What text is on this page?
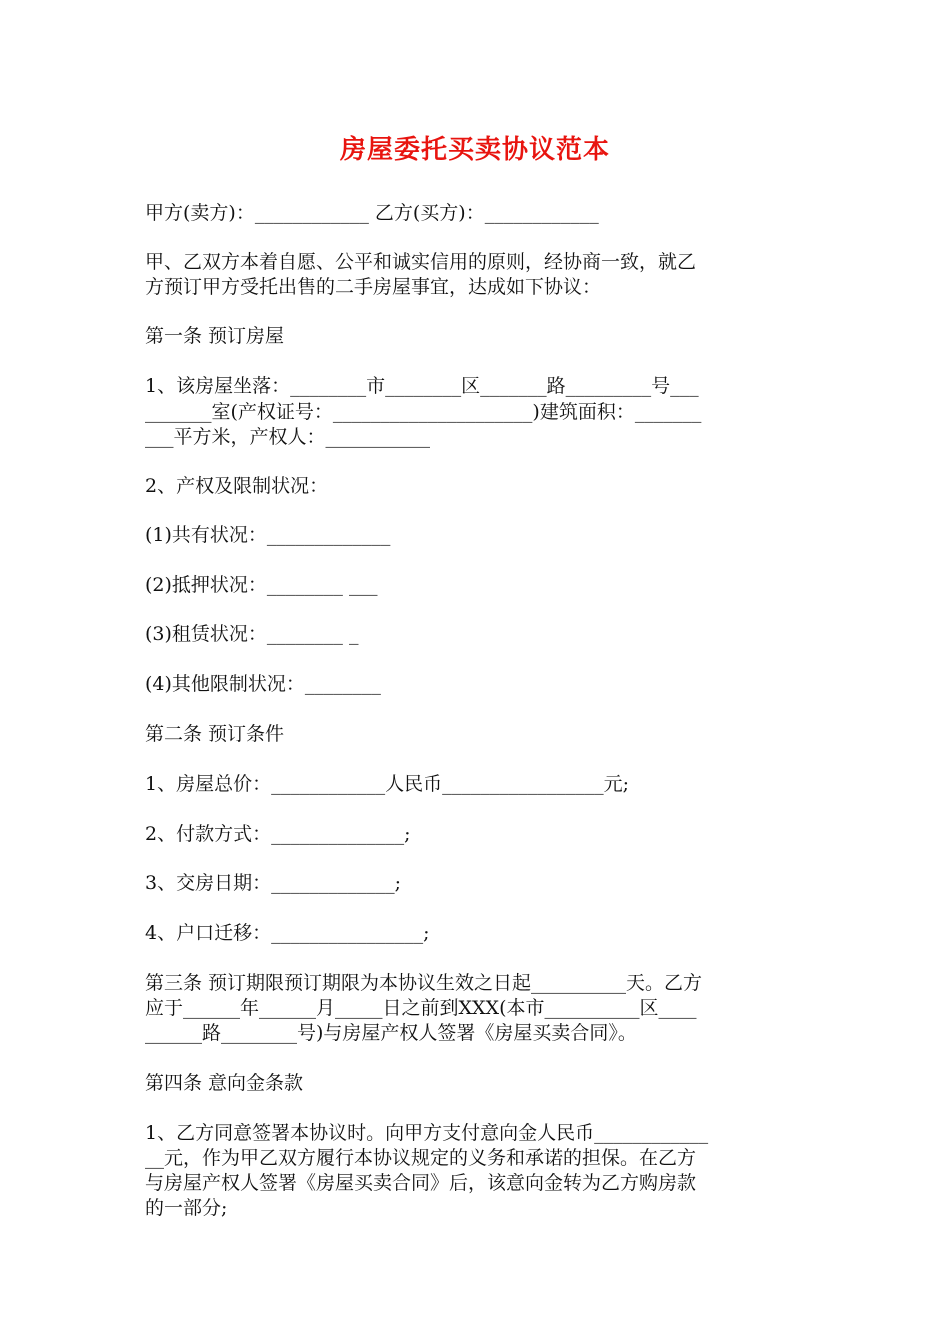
房屋委托买卖协议范本

甲方(卖方)：____________ 乙方(买方)：____________

甲、乙双方本着自愿、公平和诚实信用的原则，经协商一致，就乙

方预订甲方受托出售的二手房屋事宜，达成如下协议：

第一条 预订房屋

1、该房屋坐落：________市________区_______路_________号___

_______室(产权证号：_____________________)建筑面积：_______

___平方米，产权人：___________

2、产权及限制状况：

(1)共有状况：_____________

(2)抵押状况：________ ___

(3)租赁状况：________ _

(4)其他限制状况：________

第二条 预订条件

1、房屋总价：____________人民币_________________元;

2、付款方式：______________;

3、交房日期：_____________;

4、户口迁移：________________;

第三条 预订期限预订期限为本协议生效之日起__________天。乙方

应于______年______月_____日之前到XXX(本市__________区____

______路________号)与房屋产权人签署《房屋买卖合同》。

第四条 意向金条款

1、乙方同意签署本协议时。向甲方支付意向金人民币____________

__元，作为甲乙双方履行本协议规定的义务和承诺的担保。在乙方

与房屋产权人签署《房屋买卖合同》后，该意向金转为乙方购房款

的一部分;
